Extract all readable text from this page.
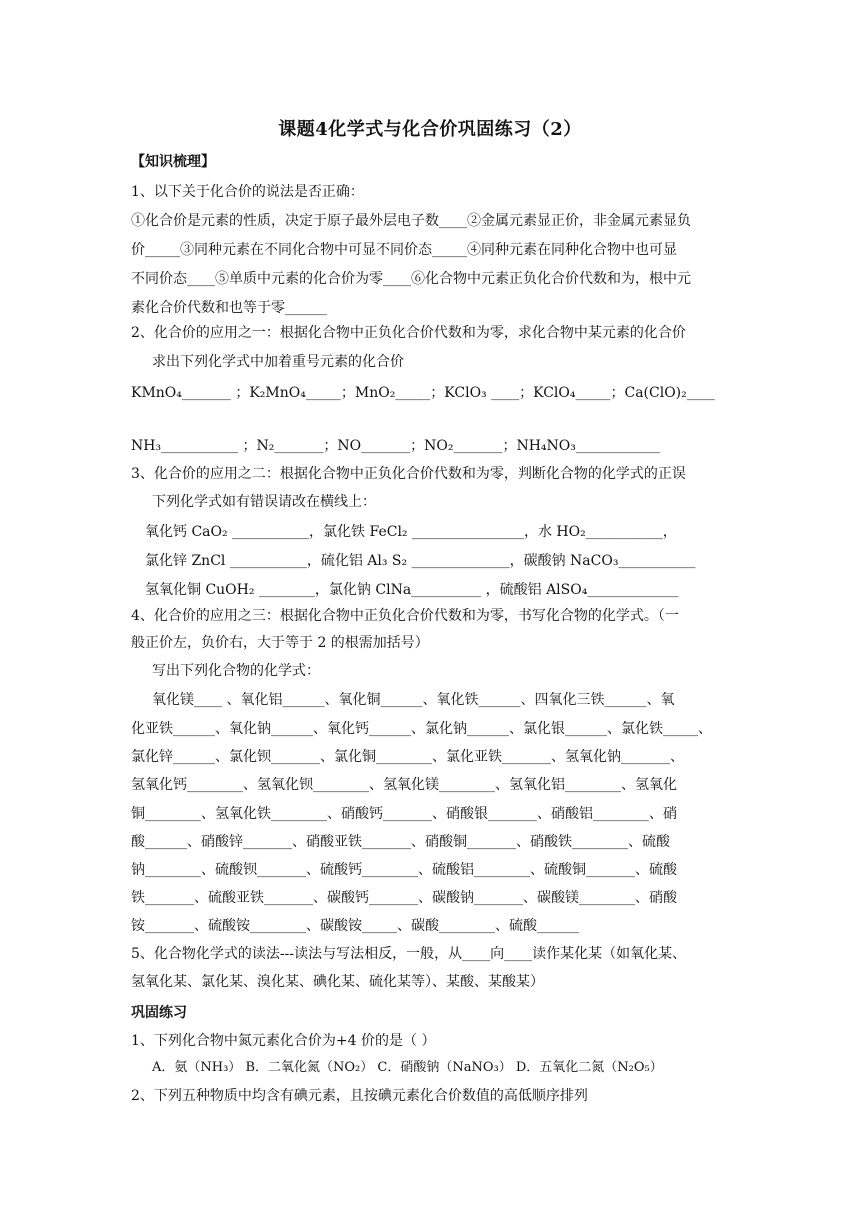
课题4化学式与化合价巩固练习（2）
【知识梳理】
1、以下关于化合价的说法是否正确：
①化合价是元素的性质，决定于原子最外层电子数____②金属元素显正价，非金属元素显负
价_____③同种元素在不同化合物中可显不同价态_____④同种元素在同种化合物中也可显
不同价态____⑤单质中元素的化合价为零____⑥化合物中元素正负化合价代数和为，根中元
素化合价代数和也等于零______
2、化合价的应用之一：根据化合物中正负化合价代数和为零，求化合物中某元素的化合价
求出下列化学式中加着重号元素的化合价
KMnO₄_______ ；K₂MnO₄_____；MnO₂_____；KClO₃ ____；KClO₄_____；Ca(ClO)₂____
NH₃___________ ；N₂_______；NO_______；NO₂_______；NH₄NO₃____________
3、化合价的应用之二：根据化合物中正负化合价代数和为零，判断化合物的化学式的正误
下列化学式如有错误请改在横线上：
氧化钙 CaO₂ ___________，氯化铁 FeCl₂ ________________，水 HO₂___________，
氯化锌 ZnCl ___________，硫化铝 Al₃ S₂ ______________，碳酸钠 NaCO₃___________
氢氧化铜 CuOH₂ ________，氯化钠 ClNa__________ ，硫酸铝 AlSO₄_____________
4、化合价的应用之三：根据化合物中正负化合价代数和为零，书写化合物的化学式。（一
般正价左，负价右，大于等于 2 的根需加括号）
写出下列化合物的化学式：
氧化镁____ 、氧化铝______、氧化铜______、氧化铁______、四氧化三铁______、氧
化亚铁______、氧化钠______、氧化钙______、氯化钠______、氯化银______、氯化铁_____、
氯化锌______、氯化钡_______、氯化铜________、氯化亚铁_______、氢氧化钠_______、
氢氧化钙________、氢氧化钡________、氢氧化镁________、氢氧化铝________、氢氧化
铜________、氢氧化铁________、硝酸钙_______、硝酸银_______、硝酸铝________、硝
酸______、硝酸锌_______、硝酸亚铁_______、硝酸铜_______、硝酸铁________、硫酸
钠________、硫酸钡_______、硫酸钙________、硫酸铝________、硫酸铜_______、硫酸
铁_______、硫酸亚铁_______、碳酸钙_______、碳酸钠_______、碳酸镁________、硝酸
铵_______、硫酸铵________、碳酸铵_____、碳酸________、硫酸______
5、化合物化学式的读法---读法与写法相反，一般，从____向____读作某化某（如氧化某、
氢氧化某、氯化某、溴化某、碘化某、硫化某等）、某酸、某酸某）
巩固练习
1、下列化合物中氮元素化合价为+4 价的是（ ）
A．氨（NH₃） B．二氧化氮（NO₂） C．硝酸钠（NaNO₃） D．五氧化二氮（N₂O₅）
2、下列五种物质中均含有碘元素，且按碘元素化合价数值的高低顺序排列
